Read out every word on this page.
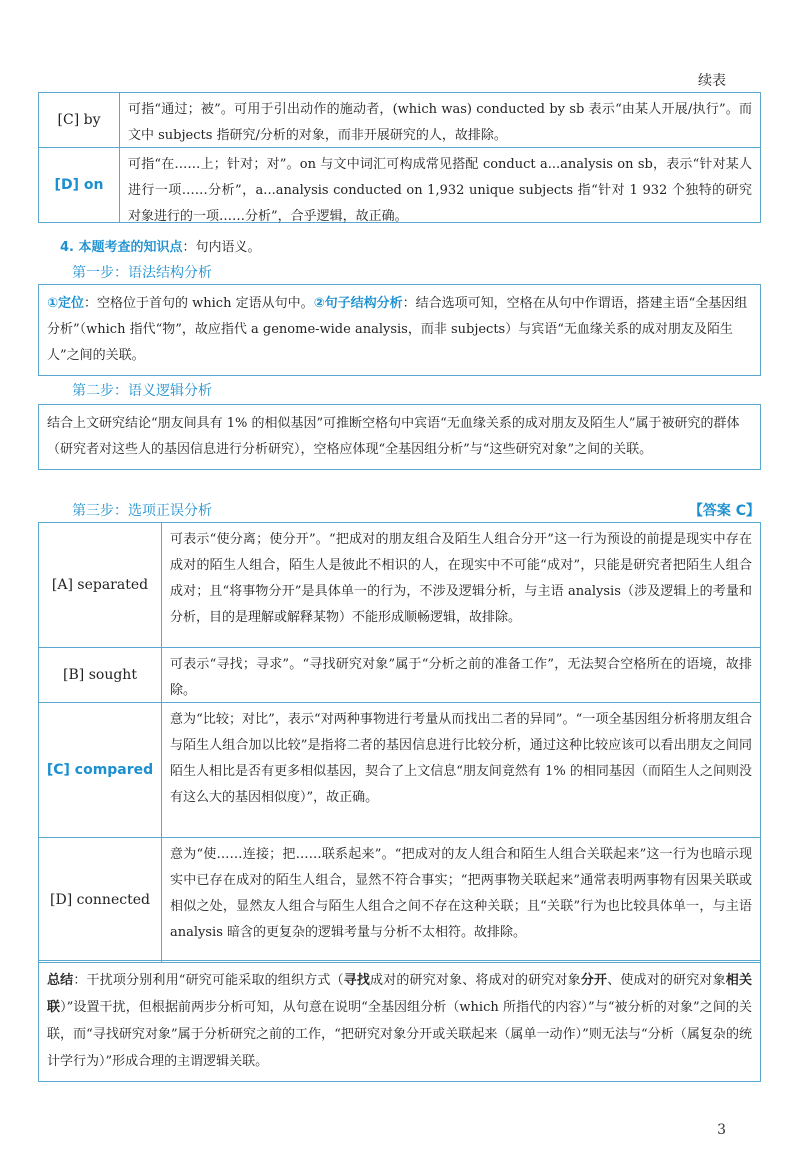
续表
[C] by
可指“通过；被”。可用于引出动作的施动者，(which was) conducted by sb 表示“由某人开展/执行”。而文中 subjects 指研究/分析的对象，而非开展研究的人，故排除。
[D] on
可指“在……上；针对；对”。on 与文中词汇可构成常见搭配 conduct a...analysis on sb，表示“针对某人进行一项……分析”，a...analysis conducted on 1,932 unique subjects 指“针对 1 932 个独特的研究对象进行的一项……分析”，合乎逻辑，故正确。
4. 本题考查的知识点：句内语义。
第一步：语法结构分析
①定位：空格位于首句的 which 定语从句中。②句子结构分析：结合选项可知，空格在从句中作谓语，搭建主语“全基因组分析”（which 指代“物”，故应指代 a genome-wide analysis，而非 subjects）与宾语“无血缘关系的成对朋友及陌生人”之间的关联。
第二步：语义逻辑分析
结合上文研究结论“朋友间具有 1% 的相似基因”可推断空格句中宾语“无血缘关系的成对朋友及陌生人”属于被研究的群体（研究者对这些人的基因信息进行分析研究），空格应体现“全基因组分析”与“这些研究对象”之间的关联。
第三步：选项正误分析	【答案 C】
[A] separated
可表示“使分离；使分开”。“把成对的朋友组合及陌生人组合分开”这一行为预设的前提是现实中存在成对的陌生人组合，陌生人是彼此不相识的人，在现实中不可能“成对”，只能是研究者把陌生人组合成对；且“将事物分开”是具体单一的行为，不涉及逻辑分析，与主语 analysis（涉及逻辑上的考量和分析，目的是理解或解释某物）不能形成顺畅逻辑，故排除。
[B] sought
可表示“寻找；寻求”。“寻找研究对象”属于“分析之前的准备工作”，无法契合空格所在的语境，故排除。
[C] compared
意为“比较；对比”，表示“对两种事物进行考量从而找出二者的异同”。“一项全基因组分析将朋友组合与陌生人组合加以比较”是指将二者的基因信息进行比较分析，通过这种比较应该可以看出朋友之间同陌生人相比是否有更多相似基因，契合了上文信息“朋友间竟然有 1% 的相同基因（而陌生人之间则没有这么大的基因相似度）”，故正确。
[D] connected
意为“使……连接；把……联系起来”。“把成对的友人组合和陌生人组合关联起来”这一行为也暗示现实中已存在成对的陌生人组合，显然不符合事实；“把两事物关联起来”通常表明两事物有因果关联或相似之处，显然友人组合与陌生人组合之间不存在这种关联；且“关联”行为也比较具体单一，与主语 analysis 暗含的更复杂的逻辑考量与分析不太相符。故排除。
总结：干扰项分别利用“研究可能采取的组织方式（寻找成对的研究对象、将成对的研究对象分开、使成对的研究对象相关联）”设置干扰，但根据前两步分析可知，从句意在说明“全基因组分析（which 所指代的内容）”与“被分析的对象”之间的关联，而“寻找研究对象”属于分析研究之前的工作，“把研究对象分开或关联起来（属单一动作）”则无法与“分析（属复杂的统计学行为）”形成合理的主谓逻辑关联。
3
